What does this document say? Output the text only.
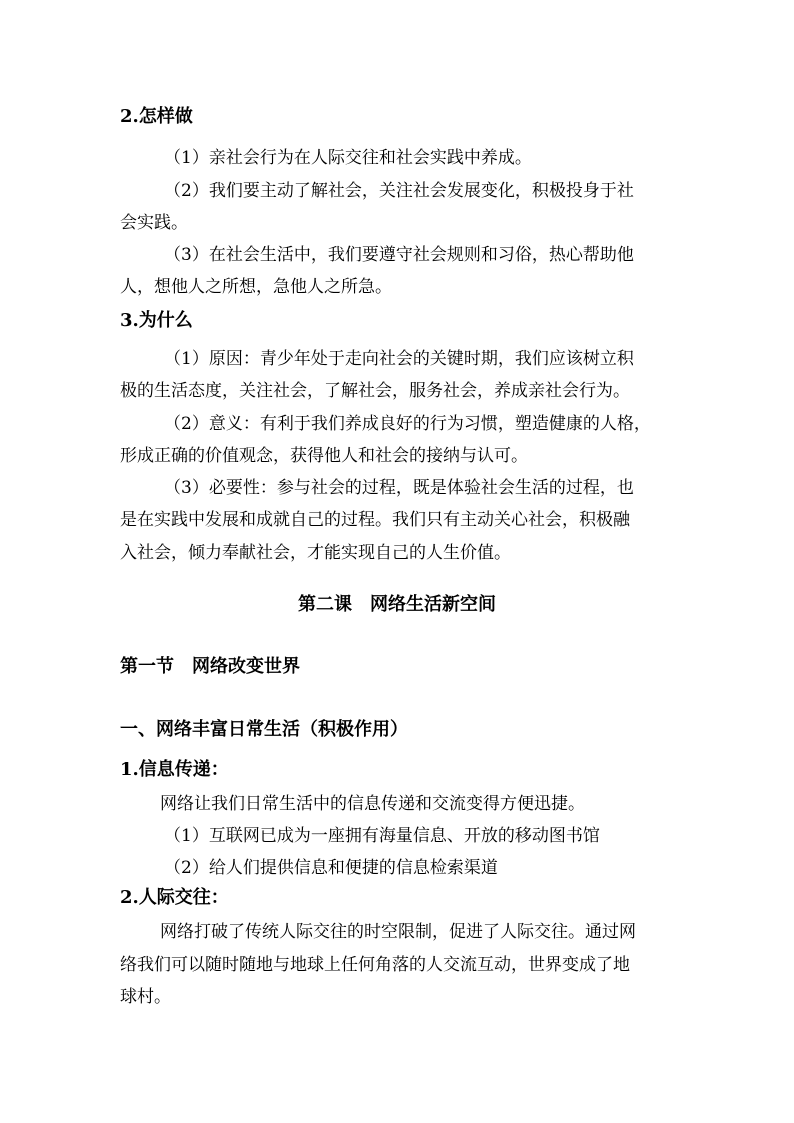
2.怎样做

（1）亲社会行为在人际交往和社会实践中养成。

（2）我们要主动了解社会，关注社会发展变化，积极投身于社

会实践。

（3）在社会生活中，我们要遵守社会规则和习俗，热心帮助他

人，想他人之所想，急他人之所急。

3.为什么

（1）原因：青少年处于走向社会的关键时期，我们应该树立积

极的生活态度，关注社会，了解社会，服务社会，养成亲社会行为。

（2）意义：有利于我们养成良好的行为习惯，塑造健康的人格，

形成正确的价值观念，获得他人和社会的接纳与认可。

（3）必要性：参与社会的过程，既是体验社会生活的过程，也

是在实践中发展和成就自己的过程。我们只有主动关心社会，积极融

入社会，倾力奉献社会，才能实现自己的人生价值。

第二课　网络生活新空间

第一节　网络改变世界

一、网络丰富日常生活（积极作用）

1.信息传递：

网络让我们日常生活中的信息传递和交流变得方便迅捷。

（1）互联网已成为一座拥有海量信息、开放的移动图书馆

（2）给人们提供信息和便捷的信息检索渠道

2.人际交往：

网络打破了传统人际交往的时空限制，促进了人际交往。通过网

络我们可以随时随地与地球上任何角落的人交流互动，世界变成了地

球村。
